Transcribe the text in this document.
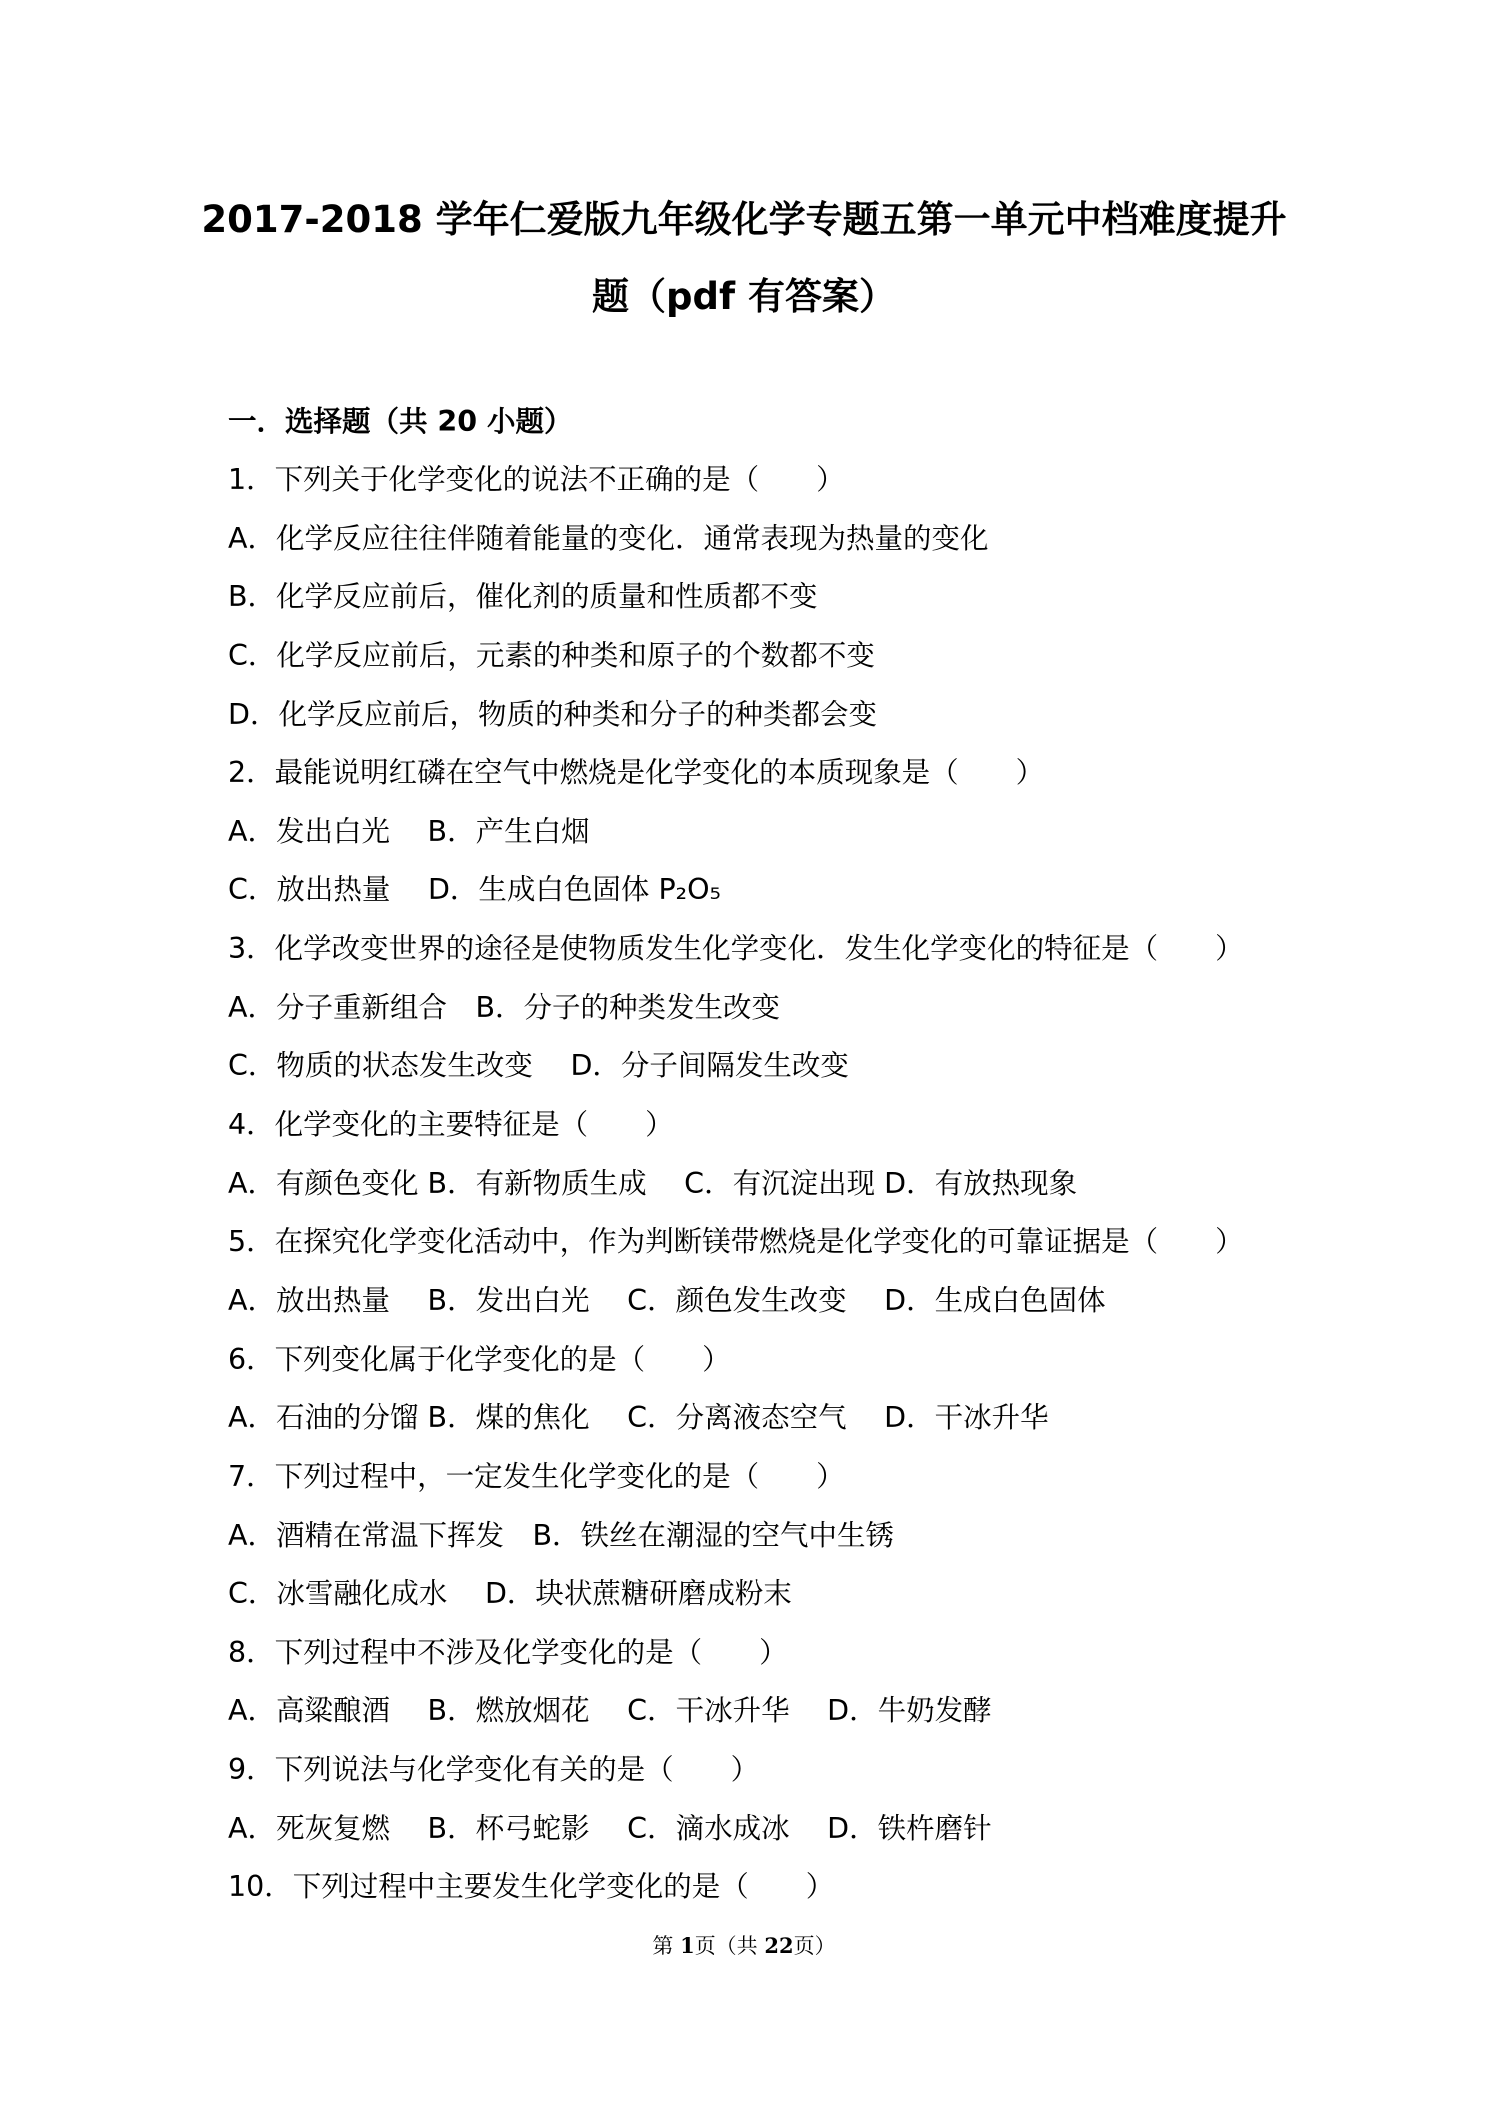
2017-2018 学年仁爱版九年级化学专题五第一单元中档难度提升
题（pdf 有答案）
一．选择题（共 20 小题）
1．下列关于化学变化的说法不正确的是（　　）
A．化学反应往往伴随着能量的变化．通常表现为热量的变化
B．化学反应前后，催化剂的质量和性质都不变
C．化学反应前后，元素的种类和原子的个数都不变
D．化学反应前后，物质的种类和分子的种类都会变
2．最能说明红磷在空气中燃烧是化学变化的本质现象是（　　）
A．发出白光　 B．产生白烟
C．放出热量　 D．生成白色固体 P₂O₅
3．化学改变世界的途径是使物质发生化学变化．发生化学变化的特征是（　　）
A．分子重新组合　B．分子的种类发生改变
C．物质的状态发生改变　 D．分子间隔发生改变
4．化学变化的主要特征是（　　）
A．有颜色变化 B．有新物质生成　 C．有沉淀出现 D．有放热现象
5．在探究化学变化活动中，作为判断镁带燃烧是化学变化的可靠证据是（　　）
A．放出热量　 B．发出白光　 C．颜色发生改变　 D．生成白色固体
6．下列变化属于化学变化的是（　　）
A．石油的分馏 B．煤的焦化　 C．分离液态空气　 D．干冰升华
7．下列过程中，一定发生化学变化的是（　　）
A．酒精在常温下挥发　B．铁丝在潮湿的空气中生锈
C．冰雪融化成水　 D．块状蔗糖研磨成粉末
8．下列过程中不涉及化学变化的是（　　）
A．高粱酿酒　 B．燃放烟花　 C．干冰升华　 D．牛奶发酵
9．下列说法与化学变化有关的是（　　）
A．死灰复燃　 B．杯弓蛇影　 C．滴水成冰　 D．铁杵磨针
10．下列过程中主要发生化学变化的是（　　）
第 1页（共 22页）
